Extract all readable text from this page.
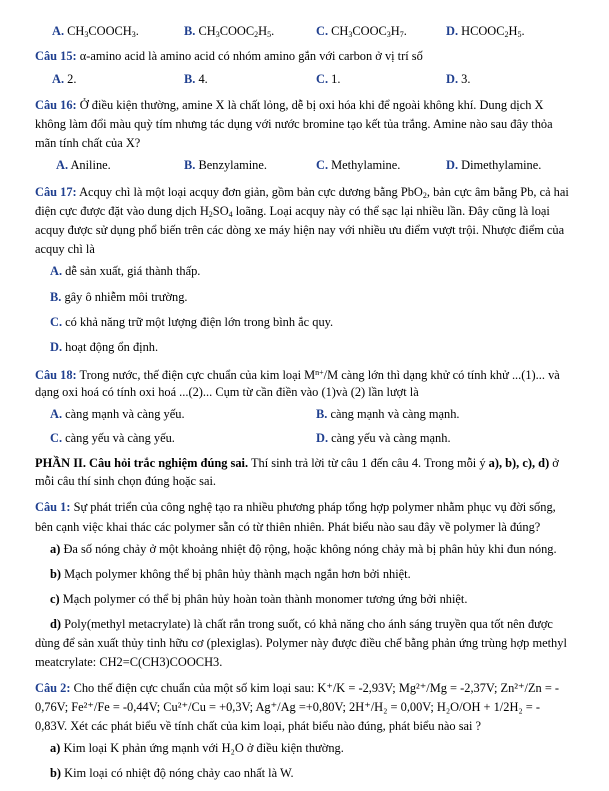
A. $CH_3COOCH_3$.	B. $CH_3COOC_2H_5$.	C. $CH_3COOC_3H_7$.	D. $HCOOC_2H_5$.
Câu 15: α-amino acid là amino acid có nhóm amino gắn với carbon ở vị trí số
A. 2.	B. 4.	C. 1.	D. 3.
Câu 16: Ở điều kiện thường, amine X là chất lỏng, dễ bị oxi hóa khi để ngoài không khí. Dung dịch X
không làm đổi màu quỳ tím nhưng tác dụng với nước bromine tạo kết tủa trắng. Amine nào sau đây thỏa
mãn tính chất của X?
A. Aniline.	B. Benzylamine.	C. Methylamine.	D. Dimethylamine.
Câu 17: Acquy chì là một loại acquy đơn giản, gồm bản cực dương bằng PbO$_2$, bản cực âm bằng Pb, cả hai
điện cực được đặt vào dung dịch $H_2SO_4$ loãng. Loại acquy này có thể sạc lại nhiều lần. Đây cũng là loại
acquy được sử dụng phổ biến trên các dòng xe máy hiện nay với nhiều ưu điểm vượt trội. Nhược điểm của
acquy chì là
A. dễ sản xuất, giá thành thấp.
B. gây ô nhiễm môi trường.
C. có khả năng trữ một lượng điện lớn trong bình ắc quy.
D. hoạt động ổn định.
Câu 18: Trong nước, thế điện cực chuẩn của kim loại $M^{n+}/M$ càng lớn thì dạng khử có tính khử ...(1)... và
dạng oxi hoá có tính oxi hoá ...(2)... Cụm từ cần điền vào (1)và (2) lần lượt là
A. càng mạnh và càng yếu.	B. càng mạnh và càng mạnh.
C. càng yếu và càng yếu.	D. càng yếu và càng mạnh.
PHẦN II. Câu hỏi trắc nghiệm đúng sai. Thí sinh trả lời từ câu 1 đến câu 4. Trong mỗi ý a), b), c), d) ở
mỗi câu thí sinh chọn đúng hoặc sai.
Câu 1: Sự phát triển của công nghệ tạo ra nhiều phương pháp tổng hợp polymer nhằm phục vụ đời sống,
bên cạnh việc khai thác các polymer sẵn có từ thiên nhiên. Phát biểu nào sau đây về polymer là đúng?
a) Đa số nóng chảy ở một khoảng nhiệt độ rộng, hoặc không nóng chảy mà bị phân hủy khi đun nóng.
b) Mạch polymer không thể bị phân hủy thành mạch ngắn hơn bởi nhiệt.
c) Mạch polymer có thể bị phân hủy hoàn toàn thành monomer tương ứng bởi nhiệt.
d) Poly(methyl metacrylate) là chất rắn trong suốt, có khả năng cho ánh sáng truyền qua tốt nên được
dùng để sản xuất thủy tinh hữu cơ (plexiglas). Polymer này được điều chế bằng phản ứng trùng hợp methyl
meatcrylate: CH2=C(CH3)COOCH3.
Câu 2: Cho thế điện cực chuẩn của một số kim loại sau: K⁺/K = -2,93V; Mg²⁺/Mg = -2,37V; Zn²⁺/Zn = -
0,76V; Fe²⁺/Fe = -0,44V; Cu²⁺/Cu = +0,3V; Ag⁺/Ag =+0,80V; 2H⁺/H₂ = 0,00V; H₂O/OH + 1/2H₂ = -
0,83V. Xét các phát biểu về tính chất của kim loại, phát biểu nào đúng, phát biểu nào sai ?
a) Kim loại K phản ứng mạnh với H₂O ở điều kiện thường.
b) Kim loại có nhiệt độ nóng chảy cao nhất là W.
